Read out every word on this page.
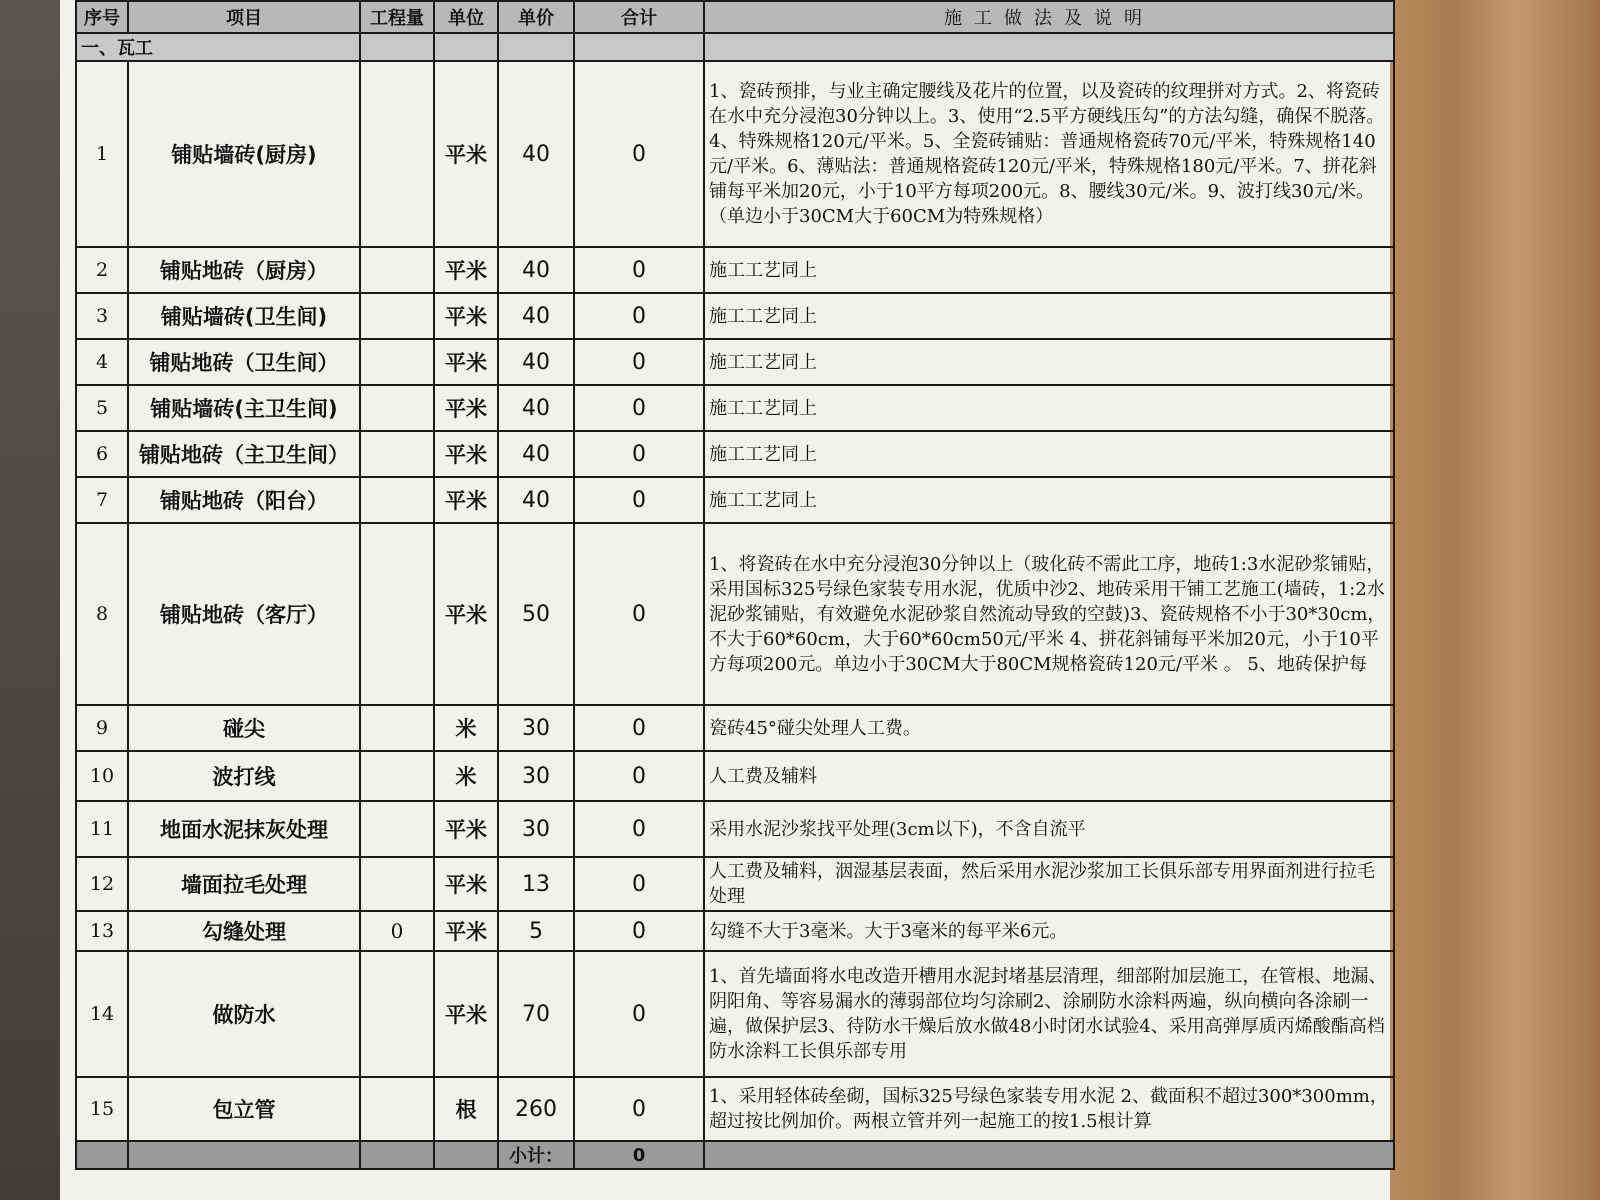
序号	项目	工程量	单位	单价	合计	施工做法及说明
一、瓦工						
1	铺贴墙砖(厨房)		平米	40	0	1、瓷砖预排，与业主确定腰线及花片的位置，以及瓷砖的纹理拼对方式。2、将瓷砖在水中充分浸泡30分钟以上。3、使用“2.5平方硬线压勾”的方法勾缝，确保不脱落。4、特殊规格120元/平米。5、全瓷砖铺贴：普通规格瓷砖70元/平米，特殊规格140元/平米。6、薄贴法：普通规格瓷砖120元/平米，特殊规格180元/平米。7、拼花斜铺每平米加20元，小于10平方每项200元。8、腰线30元/米。9、波打线30元/米。（单边小于30CM大于60CM为特殊规格）
2	铺贴地砖（厨房）		平米	40	0	施工工艺同上
3	铺贴墙砖(卫生间)		平米	40	0	施工工艺同上
4	铺贴地砖（卫生间）		平米	40	0	施工工艺同上
5	铺贴墙砖(主卫生间)		平米	40	0	施工工艺同上
6	铺贴地砖（主卫生间）		平米	40	0	施工工艺同上
7	铺贴地砖（阳台）		平米	40	0	施工工艺同上
8	铺贴地砖（客厅）		平米	50	0	1、将瓷砖在水中充分浸泡30分钟以上（玻化砖不需此工序，地砖1:3水泥砂浆铺贴，采用国标325号绿色家装专用水泥，优质中沙2、地砖采用干铺工艺施工(墙砖，1:2水泥砂浆铺贴，有效避免水泥砂浆自然流动导致的空鼓)3、瓷砖规格不小于30*30cm，不大于60*60cm，大于60*60cm50元/平米 4、拼花斜铺每平米加20元，小于10平方每项200元。单边小于30CM大于80CM规格瓷砖120元/平米 。 5、地砖保护每
9	碰尖		米	30	0	瓷砖45°碰尖处理人工费。
10	波打线		米	30	0	人工费及辅料
11	地面水泥抹灰处理		平米	30	0	采用水泥沙浆找平处理(3cm以下)，不含自流平
12	墙面拉毛处理		平米	13	0	人工费及辅料，洇湿基层表面，然后采用水泥沙浆加工长俱乐部专用界面剂进行拉毛处理
13	勾缝处理	0	平米	5	0	勾缝不大于3毫米。大于3毫米的每平米6元。
14	做防水		平米	70	0	1、首先墙面将水电改造开槽用水泥封堵基层清理，细部附加层施工，在管根、地漏、阴阳角、等容易漏水的薄弱部位均匀涂刷2、涂刷防水涂料两遍，纵向横向各涂刷一遍，做保护层3、待防水干燥后放水做48小时闭水试验4、采用高弹厚质丙烯酸酯高档防水涂料工长俱乐部专用
15	包立管		根	260	0	1、采用轻体砖垒砌，国标325号绿色家装专用水泥 2、截面积不超过300*300mm，超过按比例加价。两根立管并列一起施工的按1.5根计算
				小计：	0	
